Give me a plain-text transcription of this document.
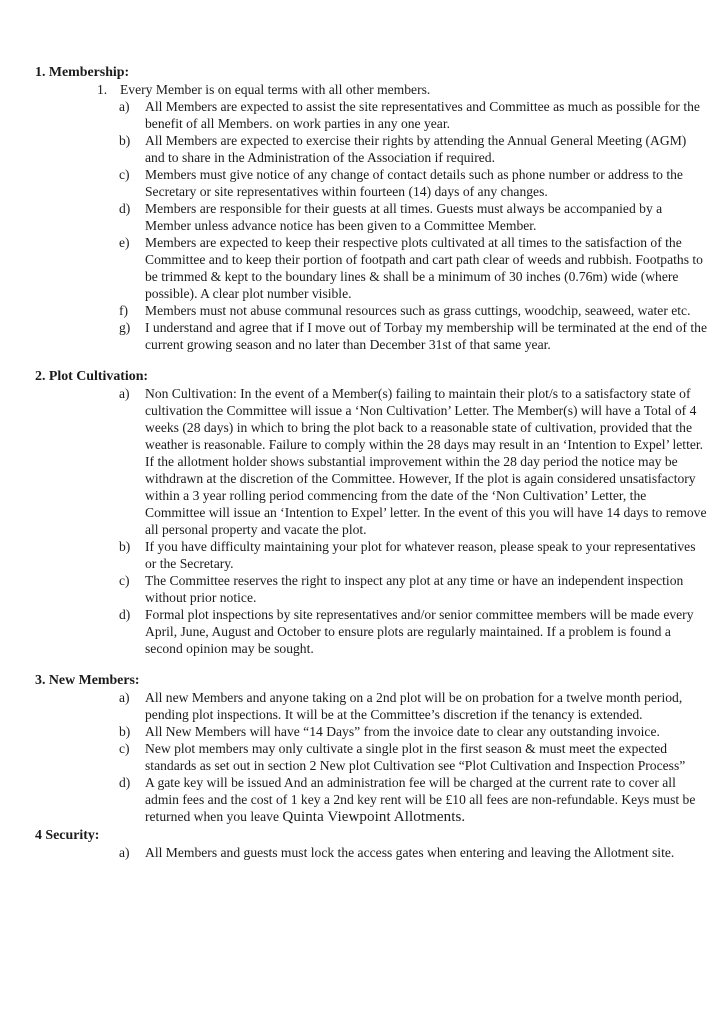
1. Membership:
1. Every Member is on equal terms with all other members.
a)	All Members are expected to assist the site representatives and Committee as much as possible for the benefit of all Members. on work parties in any one year.
b)	All Members are expected to exercise their rights by attending the Annual General Meeting (AGM) and to share in the Administration of the Association if required.
c)	Members must give notice of any change of contact details such as phone number or address to the Secretary or site representatives within fourteen (14) days of any changes.
d)	Members are responsible for their guests at all times. Guests must always be accompanied by a Member unless advance notice has been given to a Committee Member.
e)	Members are expected to keep their respective plots cultivated at all times to the satisfaction of the Committee and to keep their portion of footpath and cart path clear of weeds and rubbish. Footpaths to be trimmed & kept to the boundary lines & shall be a minimum of 30 inches (0.76m) wide (where possible). A clear plot number visible.
f)	Members must not abuse communal resources such as grass cuttings, woodchip, seaweed, water etc.
g)	I understand and agree that if I move out of Torbay my membership will be terminated at the end of the current growing season and no later than December 31st of that same year.
2. Plot Cultivation:
a)	Non Cultivation: In the event of a Member(s) failing to maintain their plot/s to a satisfactory state of cultivation the Committee will issue a ‘Non Cultivation’ Letter. The Member(s) will have a Total of 4 weeks (28 days) in which to bring the plot back to a reasonable state of cultivation, provided that the weather is reasonable. Failure to comply within the 28 days may result in an ‘Intention to Expel’ letter. If the allotment holder shows substantial improvement within the 28 day period the notice may be withdrawn at the discretion of the Committee. However, If the plot is again considered unsatisfactory within a 3 year rolling period commencing from the date of the ‘Non Cultivation’ Letter, the Committee will issue an ‘Intention to Expel’ letter. In the event of this you will have 14 days to remove all personal property and vacate the plot.
b)	If you have difficulty maintaining your plot for whatever reason, please speak to your representatives or the Secretary.
c)	The Committee reserves the right to inspect any plot at any time or have an independent inspection without prior notice.
d)	Formal plot inspections by site representatives and/or senior committee members will be made every April, June, August and October to ensure plots are regularly maintained. If a problem is found a second opinion may be sought.
3. New Members:
a)	All new Members and anyone taking on a 2nd plot will be on probation for a twelve month period, pending plot inspections. It will be at the Committee’s discretion if the tenancy is extended.
b)	All New Members will have “14 Days” from the invoice date to clear any outstanding invoice.
c)	New plot members may only cultivate a single plot in the first season & must meet the expected standards as set out in section 2 New plot Cultivation see “Plot Cultivation and Inspection Process”
d)	A gate key will be issued And an administration fee will be charged at the current rate to cover all admin fees and the cost of 1 key a 2nd key rent will be £10 all fees are non-refundable. Keys must be returned when you leave Quinta Viewpoint Allotments.
4 Security:
a)	All Members and guests must lock the access gates when entering and leaving the Allotment site.
